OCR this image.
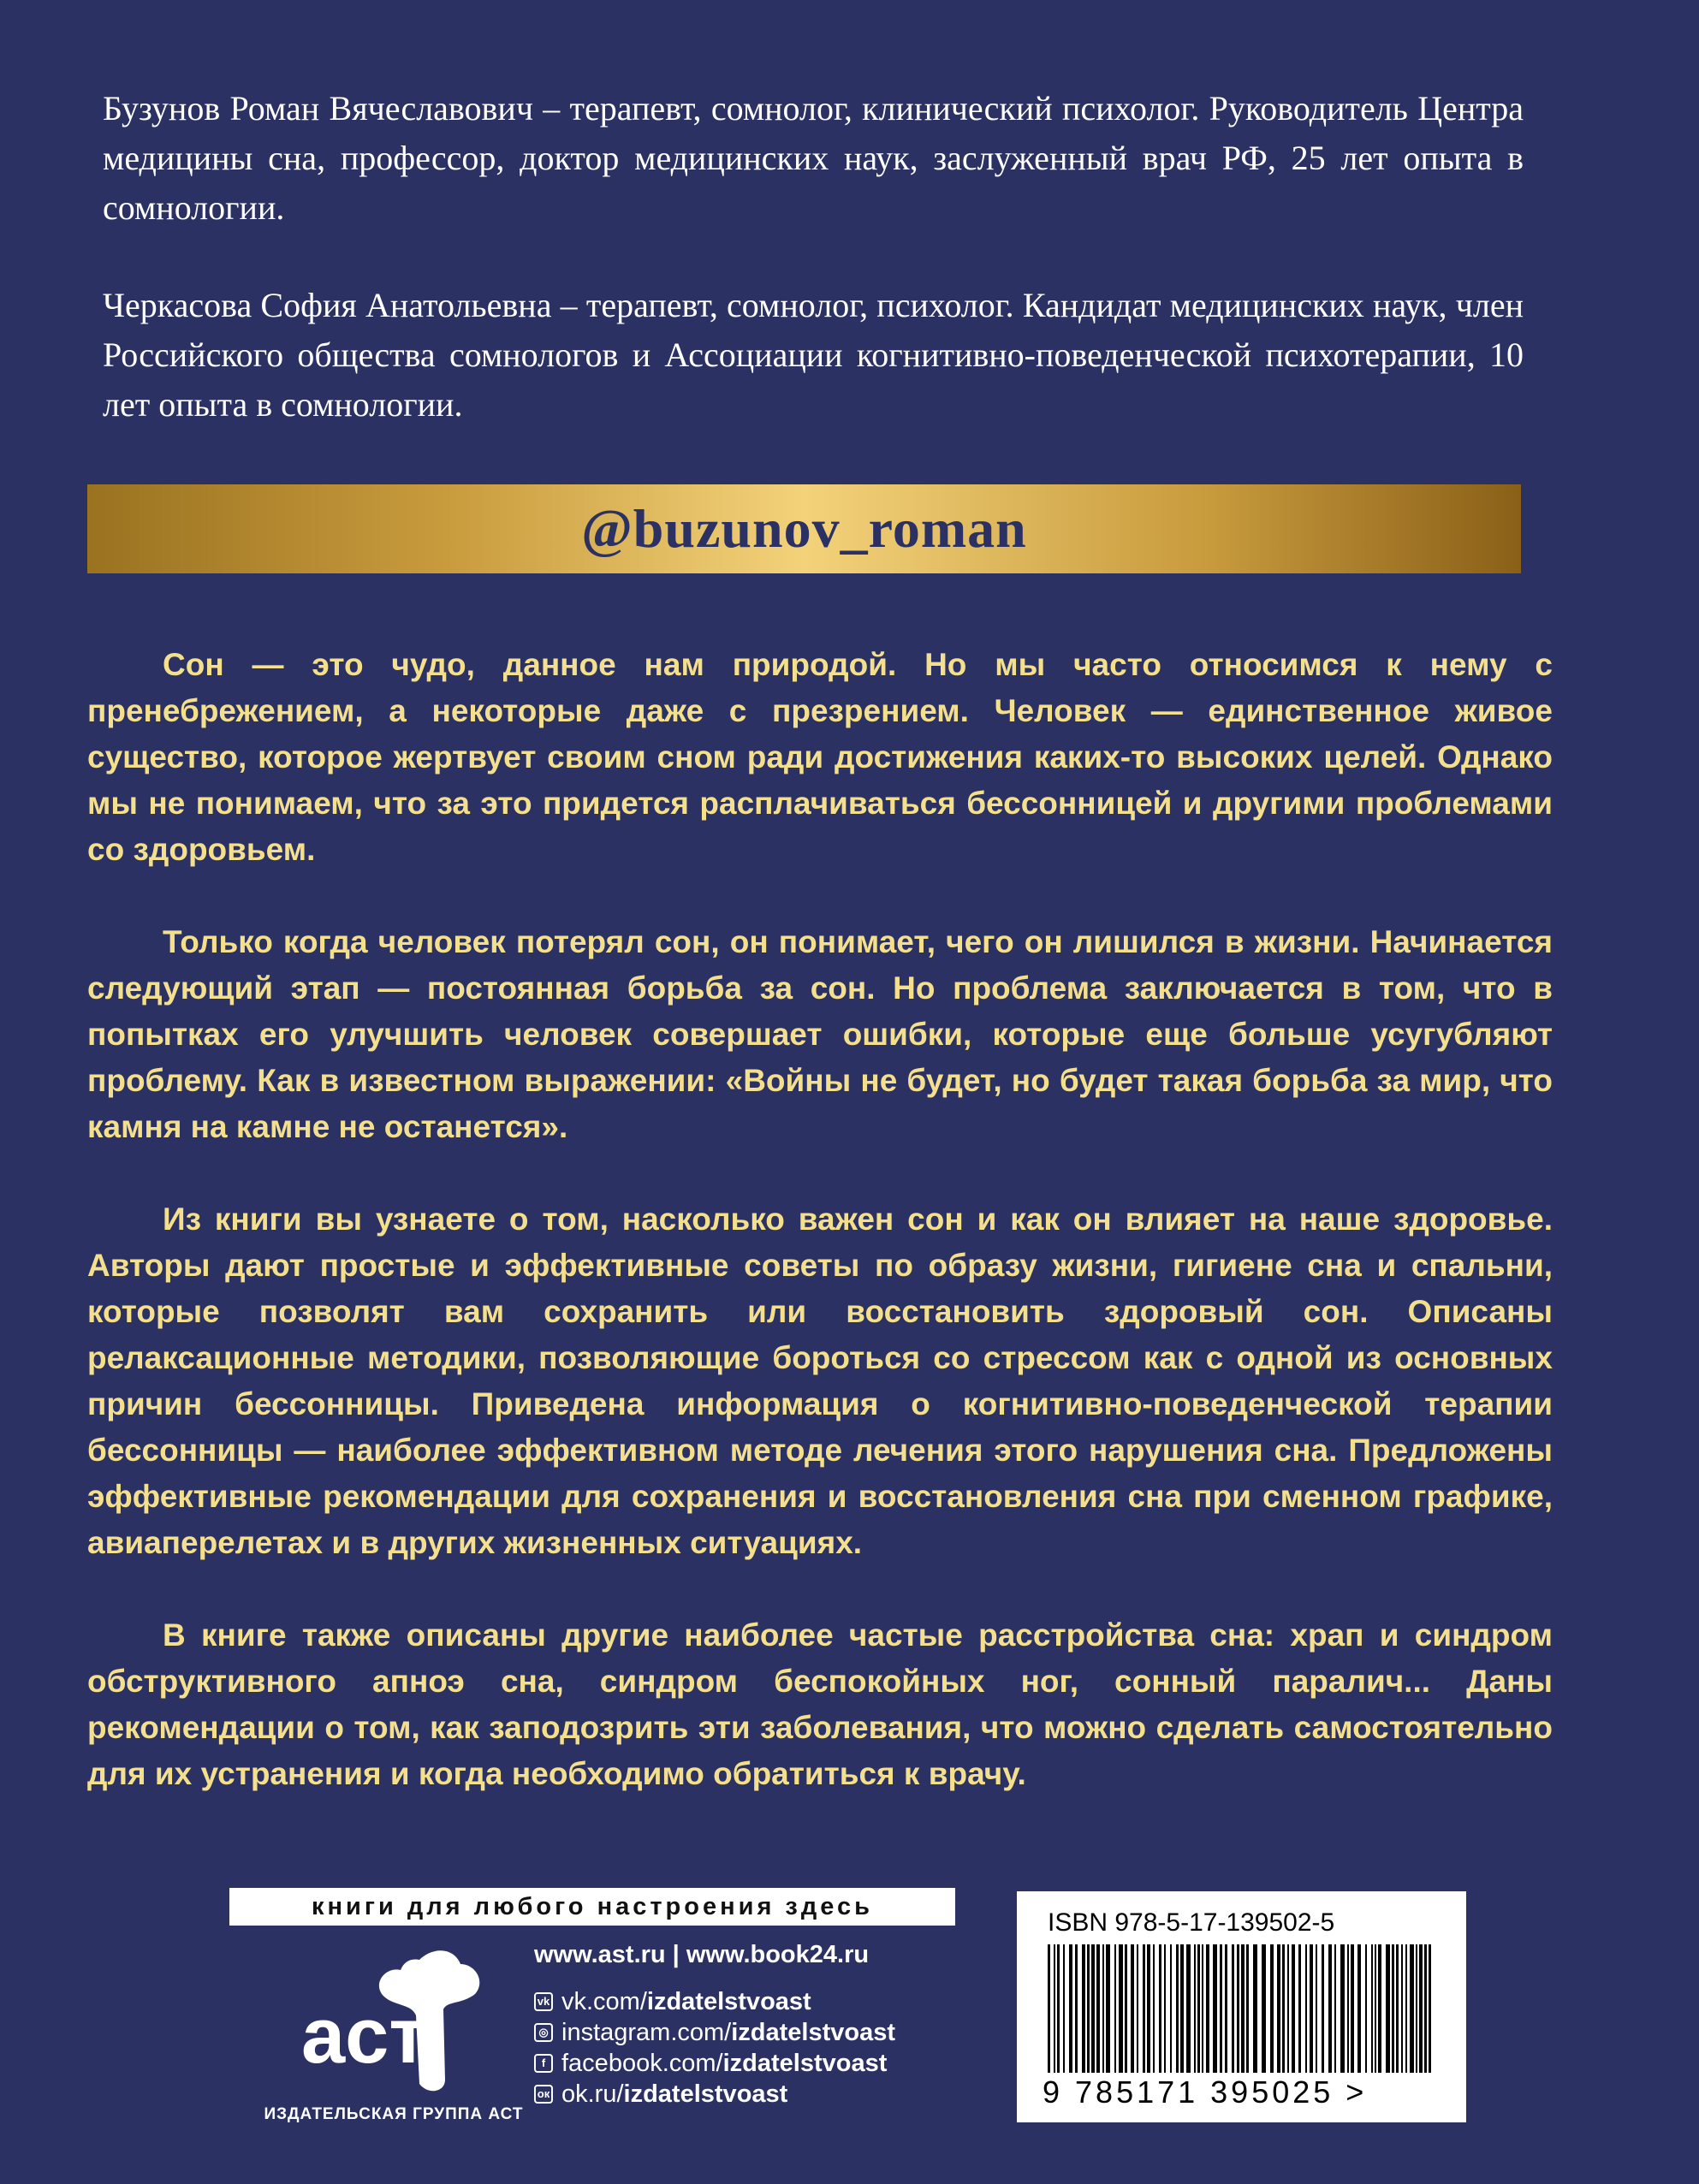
Бузунов Роман Вячеславович – терапевт, сомнолог, клинический психолог. Руководитель Центра медицины сна, профессор, доктор медицинских наук, заслуженный врач РФ, 25 лет опыта в сомнологии.

Черкасова София Анатольевна – терапевт, сомнолог, психолог. Кандидат медицинских наук, член Российского общества сомнологов и Ассоциации когнитивно-поведенческой психотерапии, 10 лет опыта в сомнологии.

@buzunov_roman

Сон — это чудо, данное нам природой. Но мы часто относимся к нему с пренебрежением, а некоторые даже с презрением. Человек — единственное живое существо, которое жертвует своим сном ради достижения каких-то высоких целей. Однако мы не понимаем, что за это придется расплачиваться бессонницей и другими проблемами со здоровьем.

Только когда человек потерял сон, он понимает, чего он лишился в жизни. Начинается следующий этап — постоянная борьба за сон. Но проблема заключается в том, что в попытках его улучшить человек совершает ошибки, которые еще больше усугубляют проблему. Как в известном выражении: «Войны не будет, но будет такая борьба за мир, что камня на камне не останется».

Из книги вы узнаете о том, насколько важен сон и как он влияет на наше здоровье. Авторы дают простые и эффективные советы по образу жизни, гигиене сна и спальни, которые позволят вам сохранить или восстановить здоровый сон. Описаны релаксационные методики, позволяющие бороться со стрессом как с одной из основных причин бессонницы. Приведена информация о когнитивно-поведенческой терапии бессонницы — наиболее эффективном методе лечения этого нарушения сна. Предложены эффективные рекомендации для сохранения и восстановления сна при сменном графике, авиаперелетах и в других жизненных ситуациях.

В книге также описаны другие наиболее частые расстройства сна: храп и синдром обструктивного апноэ сна, синдром беспокойных ног, сонный паралич... Даны рекомендации о том, как заподозрить эти заболевания, что можно сделать самостоятельно для их устранения и когда необходимо обратиться к врачу.

книги для любого настроения здесь
аст
ИЗДАТЕЛЬСКАЯ ГРУППА АСТ
www.ast.ru | www.book24.ru
vk vk.com/ izdatelstvoast
◎ instagram.com/ izdatelstvoast
f facebook.com/ izdatelstvoast
ок ok.ru/ izdatelstvoast
ISBN 978-5-17-139502-5
9 785171 395025 >
